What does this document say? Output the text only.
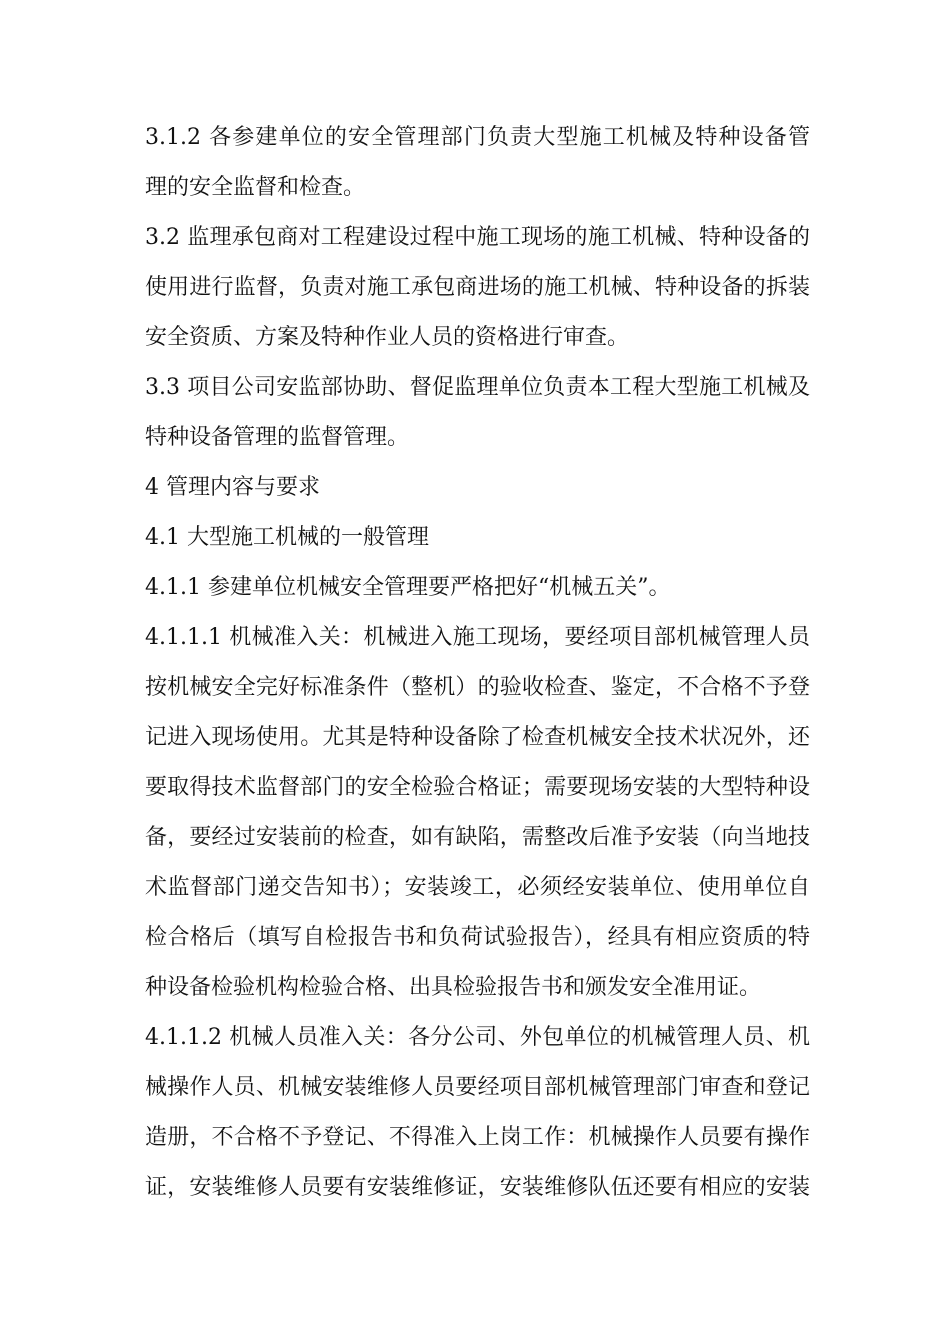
3.1.2 各参建单位的安全管理部门负责大型施工机械及特种设备管
理的安全监督和检查。
3.2 监理承包商对工程建设过程中施工现场的施工机械、特种设备的
使用进行监督，负责对施工承包商进场的施工机械、特种设备的拆装
安全资质、方案及特种作业人员的资格进行审查。
3.3 项目公司安监部协助、督促监理单位负责本工程大型施工机械及
特种设备管理的监督管理。
4 管理内容与要求
4.1 大型施工机械的一般管理
4.1.1 参建单位机械安全管理要严格把好“机械五关”。
4.1.1.1 机械准入关：机械进入施工现场，要经项目部机械管理人员
按机械安全完好标准条件（整机）的验收检查、鉴定，不合格不予登
记进入现场使用。尤其是特种设备除了检查机械安全技术状况外，还
要取得技术监督部门的安全检验合格证；需要现场安装的大型特种设
备，要经过安装前的检查，如有缺陷，需整改后准予安装（向当地技
术监督部门递交告知书）；安装竣工，必须经安装单位、使用单位自
检合格后（填写自检报告书和负荷试验报告），经具有相应资质的特
种设备检验机构检验合格、出具检验报告书和颁发安全准用证。
4.1.1.2 机械人员准入关：各分公司、外包单位的机械管理人员、机
械操作人员、机械安装维修人员要经项目部机械管理部门审查和登记
造册，不合格不予登记、不得准入上岗工作：机械操作人员要有操作
证，安装维修人员要有安装维修证，安装维修队伍还要有相应的安装
